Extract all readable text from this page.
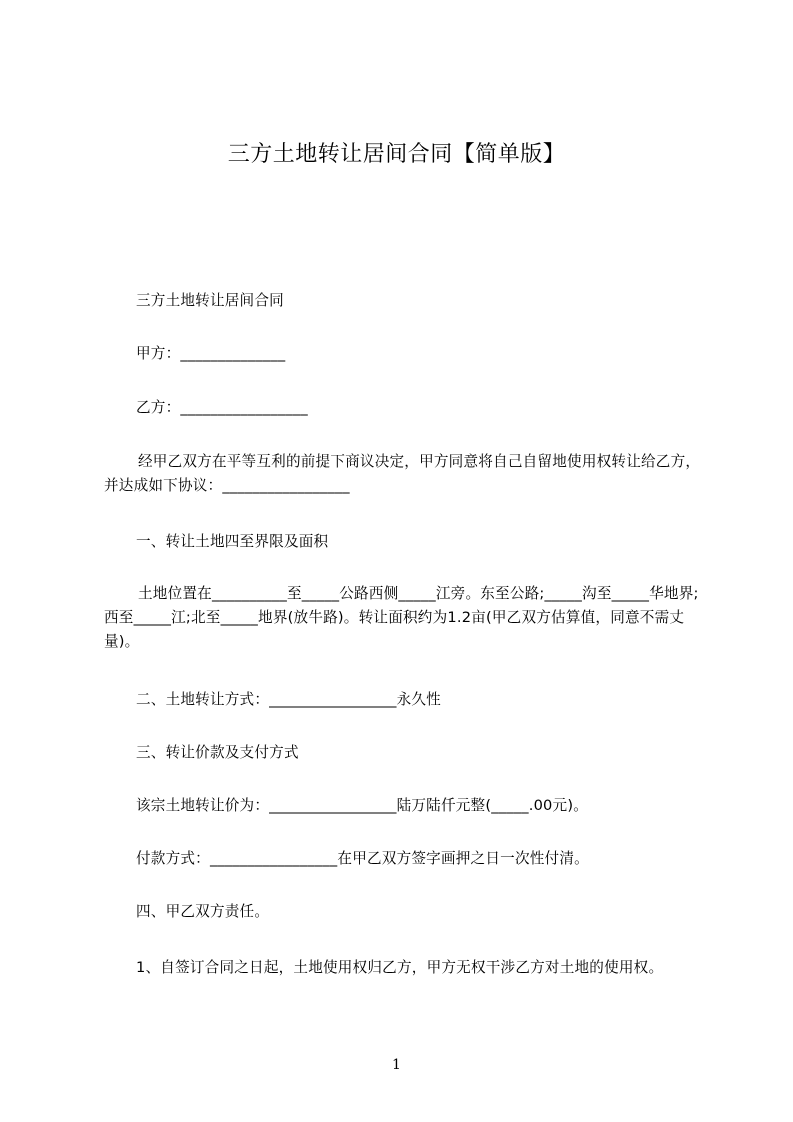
三方土地转让居间合同【简单版】
三方土地转让居间合同
甲方：______________
乙方：_________________
经甲乙双方在平等互利的前提下商议决定，甲方同意将自己自留地使用权转让给乙方，并达成如下协议：_________________
一、转让土地四至界限及面积
土地位置在__________至_____公路西侧_____江旁。东至公路;_____沟至_____华地界;西至_____江;北至_____地界(放牛路)。转让面积约为1.2亩(甲乙双方估算值，同意不需丈量)。
二、土地转让方式：_________________永久性
三、转让价款及支付方式
该宗土地转让价为：_________________陆万陆仟元整(_____.00元)。
付款方式：_________________在甲乙双方签字画押之日一次性付清。
四、甲乙双方责任。
1、自签订合同之日起，土地使用权归乙方，甲方无权干涉乙方对土地的使用权。
1
